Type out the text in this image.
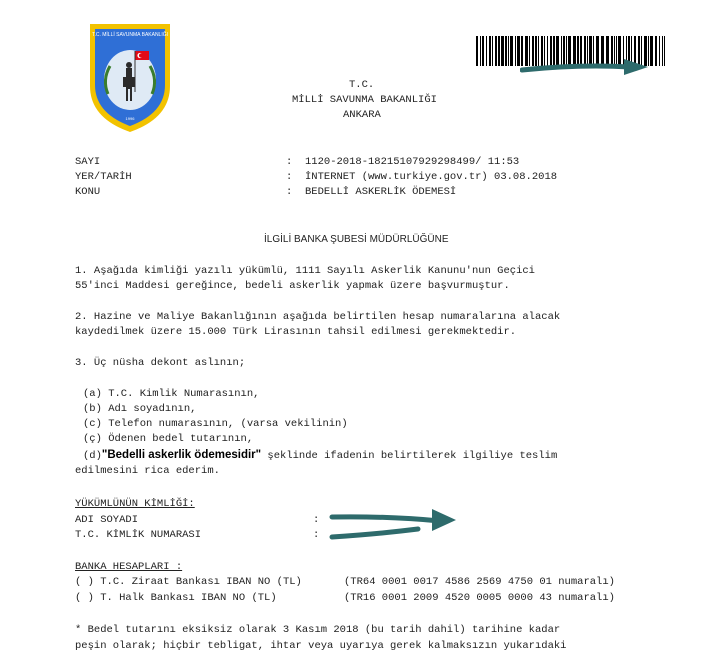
T.C. MİLLİ SAVUNMA BAKANLIĞI
1996
T.C.
MİLLİ SAVUNMA BAKANLIĞI
ANKARA
SAYI	: 1120-2018-18215107929298499/ 11:53
YER/TARİH	: İNTERNET (www.turkiye.gov.tr) 03.08.2018
KONU	: BEDELLİ ASKERLİK ÖDEMESİ
İLGİLİ BANKA ŞUBESİ MÜDÜRLÜĞÜNE
1. Aşağıda kimliği yazılı yükümlü, 1111 Sayılı Askerlik Kanunu'nun Geçici
55'inci Maddesi gereğince, bedeli askerlik yapmak üzere başvurmuştur.
2. Hazine ve Maliye Bakanlığının aşağıda belirtilen hesap numaralarına alacak
kaydedilmek üzere 15.000 Türk Lirasının tahsil edilmesi gerekmektedir.
3. Üç nüsha dekont aslının;
(a) T.C. Kimlik Numarasının,
(b) Adı soyadının,
(c) Telefon numarasının, (varsa vekilinin)
(ç) Ödenen bedel tutarının,
(d)"Bedelli askerlik ödemesidir" şeklinde ifadenin belirtilerek ilgiliye teslim
edilmesini rica ederim.
YÜKÜMLÜNÜN KİMLİĞİ:
ADI SOYADI	:
T.C. KİMLİK NUMARASI	:
BANKA HESAPLARI :
( ) T.C. Ziraat Bankası IBAN NO (TL)	(TR64 0001 0017 4586 2569 4750 01 numaralı)
( ) T. Halk Bankası IBAN NO (TL)	(TR16 0001 2009 4520 0005 0000 43 numaralı)
* Bedel tutarını eksiksiz olarak 3 Kasım 2018 (bu tarih dahil) tarihine kadar
peşin olarak; hiçbir tebligat, ihtar veya uyarıya gerek kalmaksızın yukarıdaki
